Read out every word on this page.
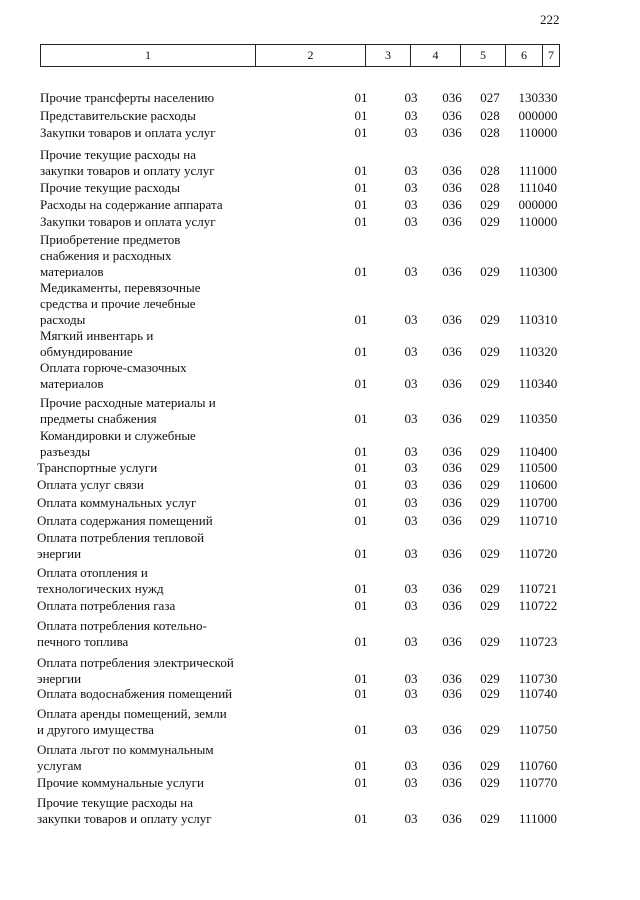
222
1	2	3	4	5	6	7
Прочие трансферты населению	01	03	036	027	130330
Представительские расходы	01	03	036	028	000000
Закупки товаров и оплата услуг	01	03	036	028	110000
Прочие текущие расходы на
закупки товаров и оплату услуг	01	03	036	028	111000
Прочие текущие расходы	01	03	036	028	111040
Расходы на содержание аппарата	01	03	036	029	000000
Закупки товаров и оплата услуг	01	03	036	029	110000
Приобретение предметов
снабжения и расходных
материалов	01	03	036	029	110300
Медикаменты, перевязочные
средства и прочие лечебные
расходы	01	03	036	029	110310
Мягкий инвентарь и
обмундирование	01	03	036	029	110320
Оплата горюче-смазочных
материалов	01	03	036	029	110340
Прочие расходные материалы и
предметы снабжения	01	03	036	029	110350
Командировки и служебные
разъезды	01	03	036	029	110400
Транспортные услуги	01	03	036	029	110500
Оплата услуг связи	01	03	036	029	110600
Оплата коммунальных услуг	01	03	036	029	110700
Оплата содержания помещений	01	03	036	029	110710
Оплата потребления тепловой
энергии	01	03	036	029	110720
Оплата отопления и
технологических нужд	01	03	036	029	110721
Оплата потребления газа	01	03	036	029	110722
Оплата потребления котельно-
печного топлива	01	03	036	029	110723
Оплата потребления электрической
энергии	01	03	036	029	110730
Оплата водоснабжения помещений	01	03	036	029	110740
Оплата аренды помещений, земли
и другого имущества	01	03	036	029	110750
Оплата льгот по коммунальным
услугам	01	03	036	029	110760
Прочие коммунальные услуги	01	03	036	029	110770
Прочие текущие расходы на
закупки товаров и оплату услуг	01	03	036	029	111000
